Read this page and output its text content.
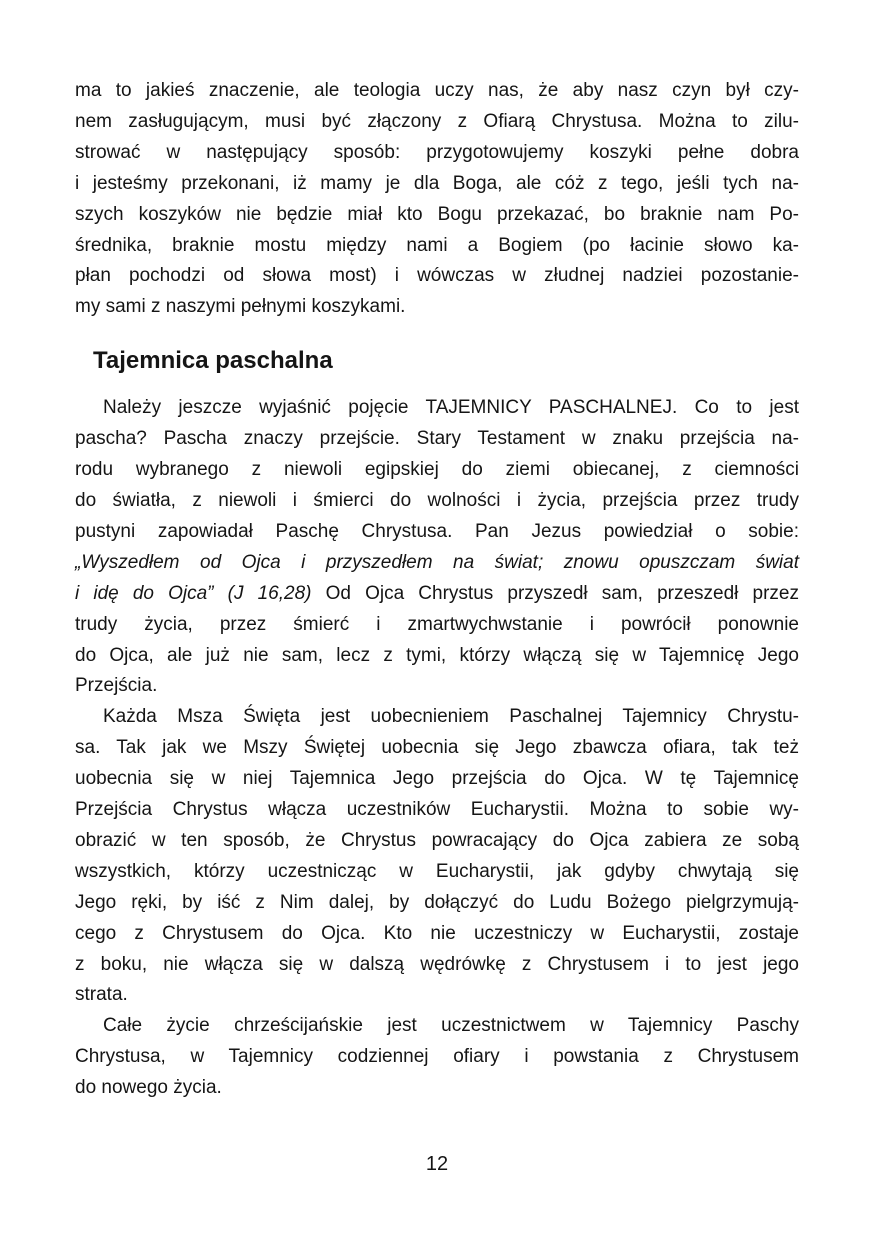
ma to jakieś znaczenie, ale teologia uczy nas, że aby nasz czyn był czy-
nem zasługującym, musi być złączony z Ofiarą Chrystusa. Można to zilu-
strować w następujący sposób: przygotowujemy koszyki pełne dobra
i jesteśmy przekonani, iż mamy je dla Boga, ale cóż z tego, jeśli tych na-
szych koszyków nie będzie miał kto Bogu przekazać, bo braknie nam Po-
średnika, braknie mostu między nami a Bogiem (po łacinie słowo ka-
płan pochodzi od słowa most) i wówczas w złudnej nadziei pozostanie-
my sami z naszymi pełnymi koszykami.
Tajemnica paschalna
Należy jeszcze wyjaśnić pojęcie TAJEMNICY PASCHALNEJ. Co to jest
pascha? Pascha znaczy przejście. Stary Testament w znaku przejścia na-
rodu wybranego z niewoli egipskiej do ziemi obiecanej, z ciemności
do światła, z niewoli i śmierci do wolności i życia, przejścia przez trudy
pustyni zapowiadał Paschę Chrystusa. Pan Jezus powiedział o sobie:
„Wyszedłem od Ojca i przyszedłem na świat; znowu opuszczam świat
i idę do Ojca” (J 16,28) Od Ojca Chrystus przyszedł sam, przeszedł przez
trudy życia, przez śmierć i zmartwychwstanie i powrócił ponownie
do Ojca, ale już nie sam, lecz z tymi, którzy włączą się w Tajemnicę Jego
Przejścia.
Każda Msza Święta jest uobecnieniem Paschalnej Tajemnicy Chrystu-
sa. Tak jak we Mszy Świętej uobecnia się Jego zbawcza ofiara, tak też
uobecnia się w niej Tajemnica Jego przejścia do Ojca. W tę Tajemnicę
Przejścia Chrystus włącza uczestników Eucharystii. Można to sobie wy-
obrazić w ten sposób, że Chrystus powracający do Ojca zabiera ze sobą
wszystkich, którzy uczestnicząc w Eucharystii, jak gdyby chwytają się
Jego ręki, by iść z Nim dalej, by dołączyć do Ludu Bożego pielgrzymują-
cego z Chrystusem do Ojca. Kto nie uczestniczy w Eucharystii, zostaje
z boku, nie włącza się w dalszą wędrówkę z Chrystusem i to jest jego
strata.
Całe życie chrześcijańskie jest uczestnictwem w Tajemnicy Paschy
Chrystusa, w Tajemnicy codziennej ofiary i powstania z Chrystusem
do nowego życia.
12
